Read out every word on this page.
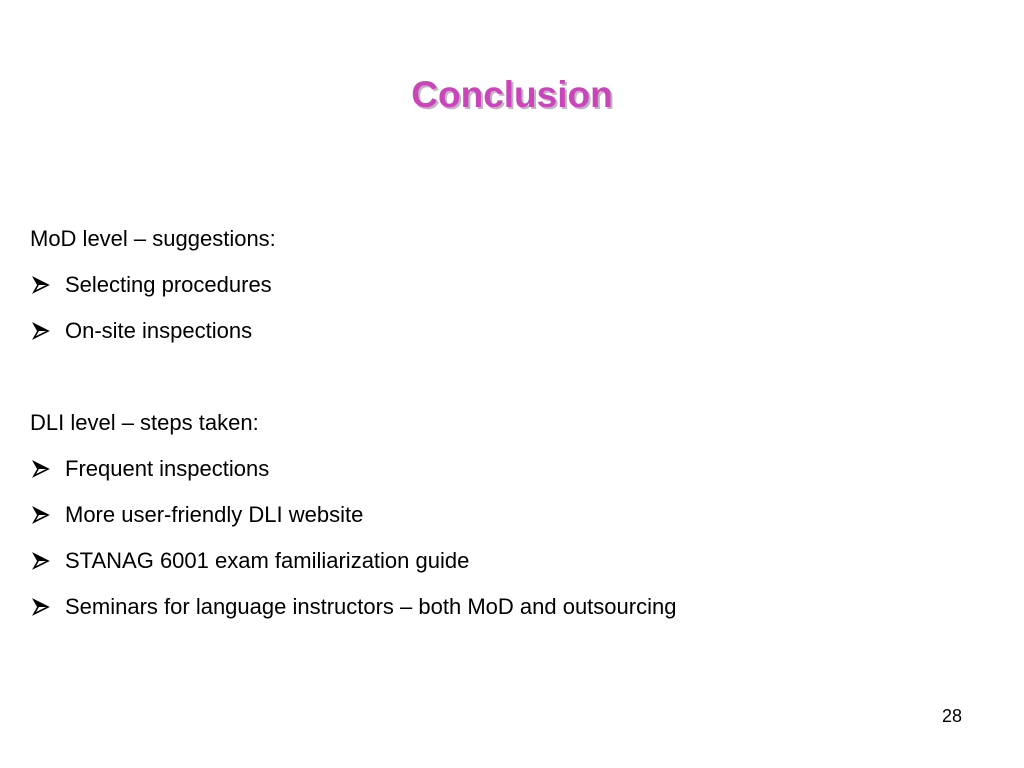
Conclusion
MoD level – suggestions:
Selecting procedures
On-site inspections
DLI level – steps taken:
Frequent inspections
More user-friendly DLI website
STANAG 6001 exam familiarization guide
Seminars for language instructors – both MoD and outsourcing
28
